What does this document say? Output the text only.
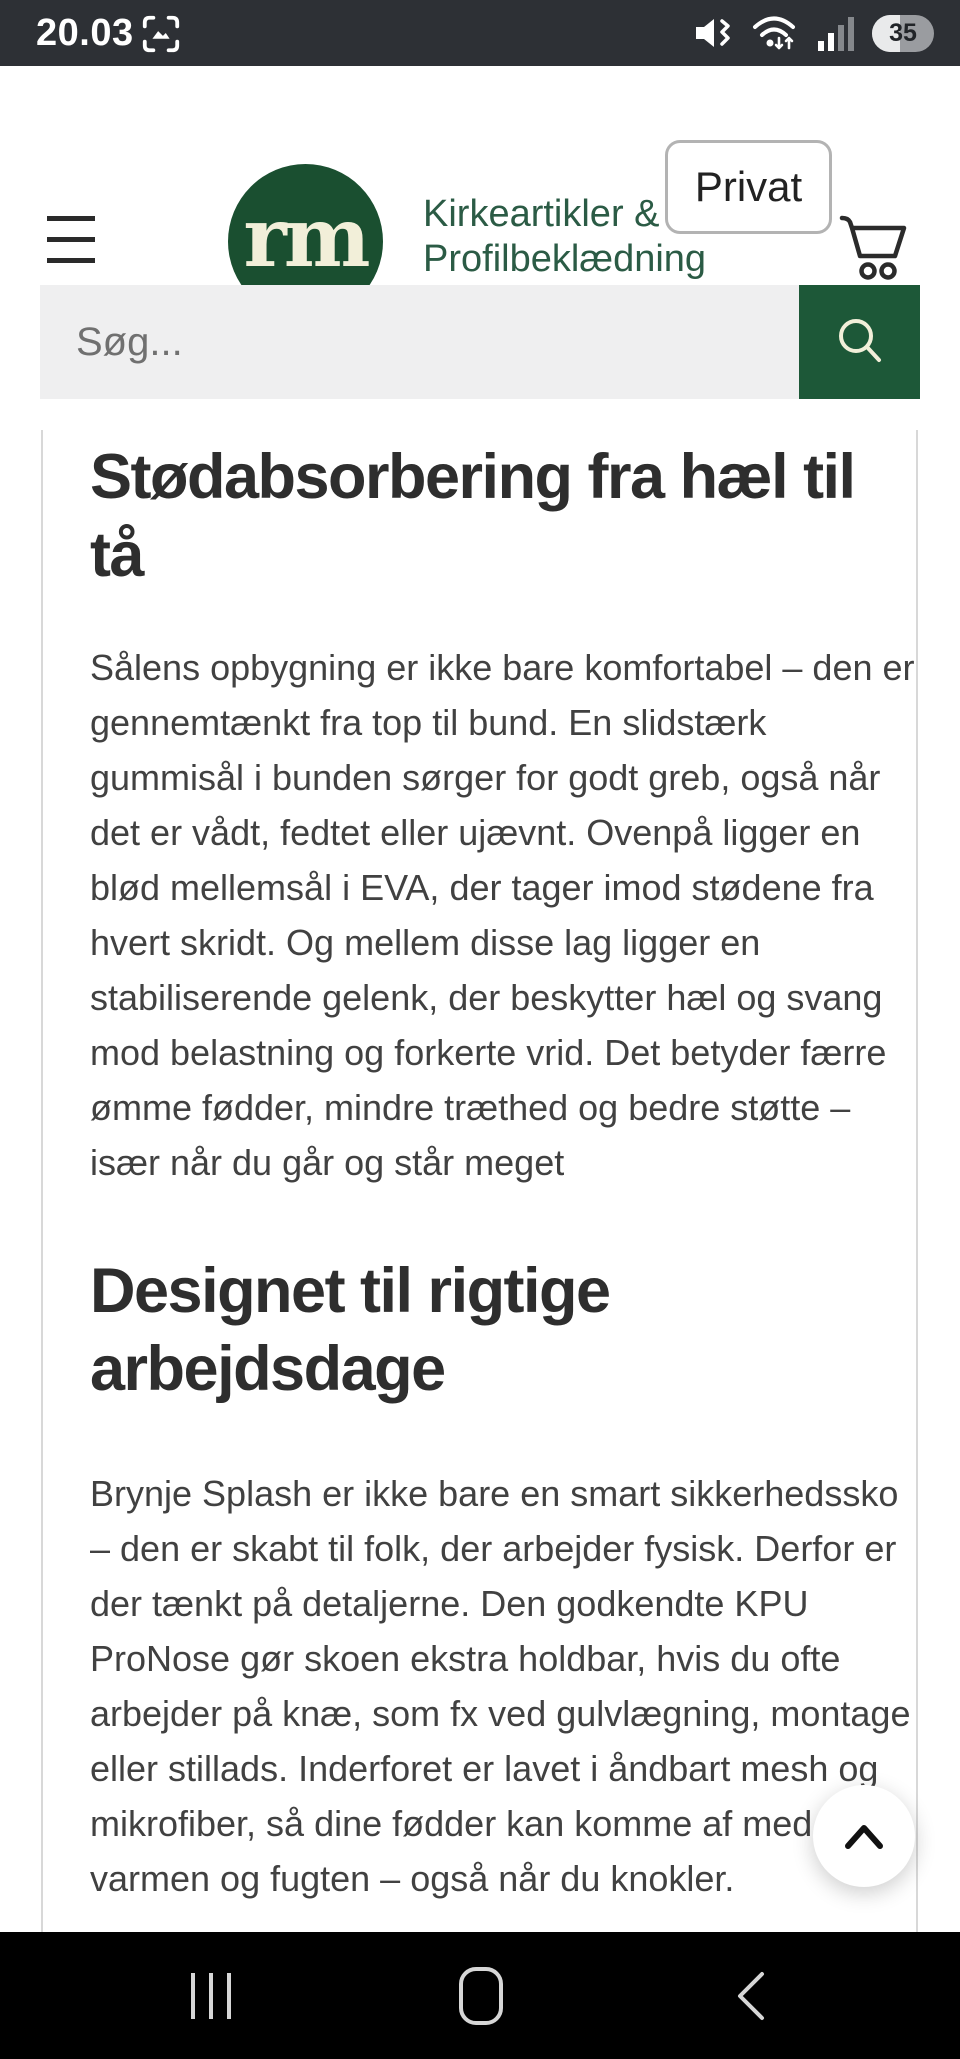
20.03	35
rm Kirkeartikler &
Profilbeklædning
Privat
Søg...
Stødabsorbering fra hæl til tå

Sålens opbygning er ikke bare komfortabel – den er gennemtænkt fra top til bund. En slidstærk gummisål i bunden sørger for godt greb, også når det er vådt, fedtet eller ujævnt. Ovenpå ligger en blød mellemsål i EVA, der tager imod stødene fra hvert skridt. Og mellem disse lag ligger en stabiliserende gelenk, der beskytter hæl og svang mod belastning og forkerte vrid. Det betyder færre ømme fødder, mindre træthed og bedre støtte – især når du går og står meget

Designet til rigtige arbejdsdage

Brynje Splash er ikke bare en smart sikkerhedssko – den er skabt til folk, der arbejder fysisk. Derfor er der tænkt på detaljerne. Den godkendte KPU ProNose gør skoen ekstra holdbar, hvis du ofte arbejder på knæ, som fx ved gulvlægning, montage eller stillads. Inderforet er lavet i åndbart mesh og mikrofiber, så dine fødder kan komme af med varmen og fugten – også når du knokler.
